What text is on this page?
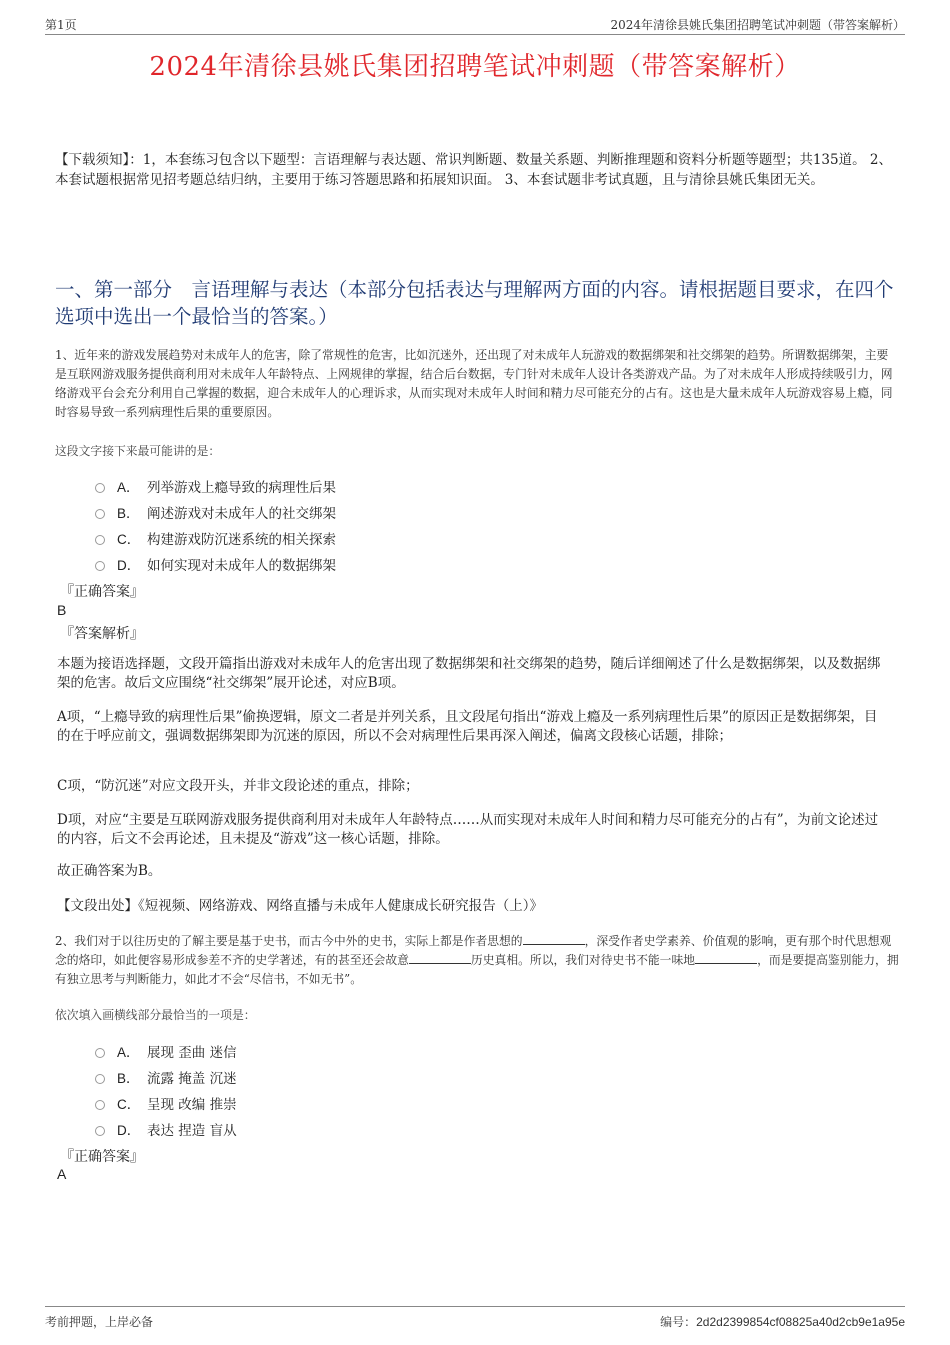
第1页	2024年清徐县姚氏集团招聘笔试冲刺题（带答案解析）
2024年清徐县姚氏集团招聘笔试冲刺题（带答案解析）
【下载须知】：1，本套练习包含以下题型：言语理解与表达题、常识判断题、数量关系题、判断推理题和资料分析题等题型；共135道。 2、本套试题根据常见招考题总结归纳，主要用于练习答题思路和拓展知识面。 3、本套试题非考试真题，且与清徐县姚氏集团无关。
一、第一部分　言语理解与表达（本部分包括表达与理解两方面的内容。请根据题目要求，在四个选项中选出一个最恰当的答案。）
1、近年来的游戏发展趋势对未成年人的危害，除了常规性的危害，比如沉迷外，还出现了对未成年人玩游戏的数据绑架和社交绑架的趋势。所谓数据绑架，主要是互联网游戏服务提供商利用对未成年人年龄特点、上网规律的掌握，结合后台数据，专门针对未成年人设计各类游戏产品。为了对未成年人形成持续吸引力，网络游戏平台会充分利用自己掌握的数据，迎合未成年人的心理诉求，从而实现对未成年人时间和精力尽可能充分的占有。这也是大量未成年人玩游戏容易上瘾，同时容易导致一系列病理性后果的重要原因。
这段文字接下来最可能讲的是：
A． 列举游戏上瘾导致的病理性后果
B． 阐述游戏对未成年人的社交绑架
C． 构建游戏防沉迷系统的相关探索
D． 如何实现对未成年人的数据绑架
『正确答案』
B
『答案解析』
本题为接语选择题，文段开篇指出游戏对未成年人的危害出现了数据绑架和社交绑架的趋势，随后详细阐述了什么是数据绑架，以及数据绑架的危害。故后文应围绕“社交绑架”展开论述，对应B项。
A项，“上瘾导致的病理性后果”偷换逻辑，原文二者是并列关系，且文段尾句指出“游戏上瘾及一系列病理性后果”的原因正是数据绑架，目的在于呼应前文，强调数据绑架即为沉迷的原因，所以不会对病理性后果再深入阐述，偏离文段核心话题，排除；
C项，“防沉迷”对应文段开头，并非文段论述的重点，排除；
D项，对应“主要是互联网游戏服务提供商利用对未成年人年龄特点……从而实现对未成年人时间和精力尽可能充分的占有”，为前文论述过的内容，后文不会再论述，且未提及“游戏”这一核心话题，排除。
故正确答案为B。
【文段出处】《短视频、网络游戏、网络直播与未成年人健康成长研究报告（上）》
2、我们对于以往历史的了解主要是基于史书，而古今中外的史书，实际上都是作者思想的	，深受作者史学素养、价值观的影响，更有那个时代思想观念的烙印，如此便容易形成参差不齐的史学著述，有的甚至还会故意	历史真相。所以，我们对待史书不能一味地	，而是要提高鉴别能力，拥有独立思考与判断能力，如此才不会“尽信书，不如无书”。
依次填入画横线部分最恰当的一项是：
A． 展现 歪曲 迷信
B． 流露 掩盖 沉迷
C． 呈现 改编 推崇
D． 表达 捏造 盲从
『正确答案』
A
考前押题，上岸必备	编号：2d2d2399854cf08825a40d2cb9e1a95e
